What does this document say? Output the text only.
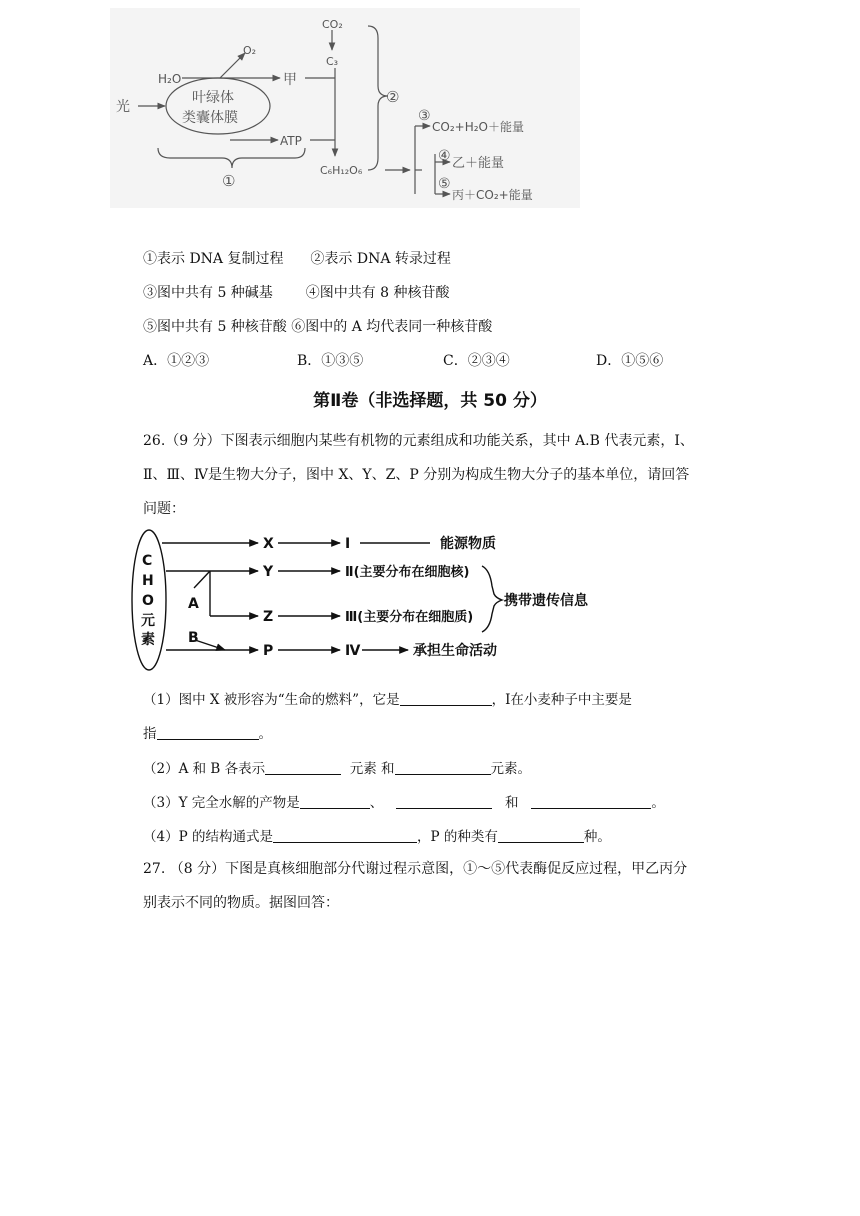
光
H₂O
O₂
叶绿体
类囊体膜
ATP
甲
CO₂
C₃
C₆H₁₂O₆
①
②
③
④
⑤
CO₂+H₂O＋能量
乙＋能量
丙＋CO₂+能量
①表示 DNA 复制过程 ②表示 DNA 转录过程
③图中共有 5 种碱基 ④图中共有 8 种核苷酸
⑤图中共有 5 种核苷酸 ⑥图中的 A 均代表同一种核苷酸
A．①②③	B．①③⑤	C．②③④	D．①⑤⑥
第Ⅱ卷（非选择题，共 50 分）
26.（9 分）下图表示细胞内某些有机物的元素组成和功能关系，其中 A.B 代表元素，Ⅰ、
Ⅱ、Ⅲ、Ⅳ是生物大分子，图中 X、Y、Z、P 分别为构成生物大分子的基本单位，请回答
问题：
C
H
O
元
素
A
B
X
Y
Z
P
Ⅰ
Ⅱ(主要分布在细胞核)
Ⅲ(主要分布在细胞质)
Ⅳ
能源物质
携带遗传信息
承担生命活动
（1）图中 X 被形容为“生命的燃料”，它是	，Ⅰ在小麦种子中主要是
指	。
（2）A 和 B 各表示	元素 和	元素。
（3）Y 完全水解的产物是	、	和	。
（4）P 的结构通式是	，P 的种类有	种。
27. （8 分）下图是真核细胞部分代谢过程示意图，①～⑤代表酶促反应过程，甲乙丙分
别表示不同的物质。据图回答：
